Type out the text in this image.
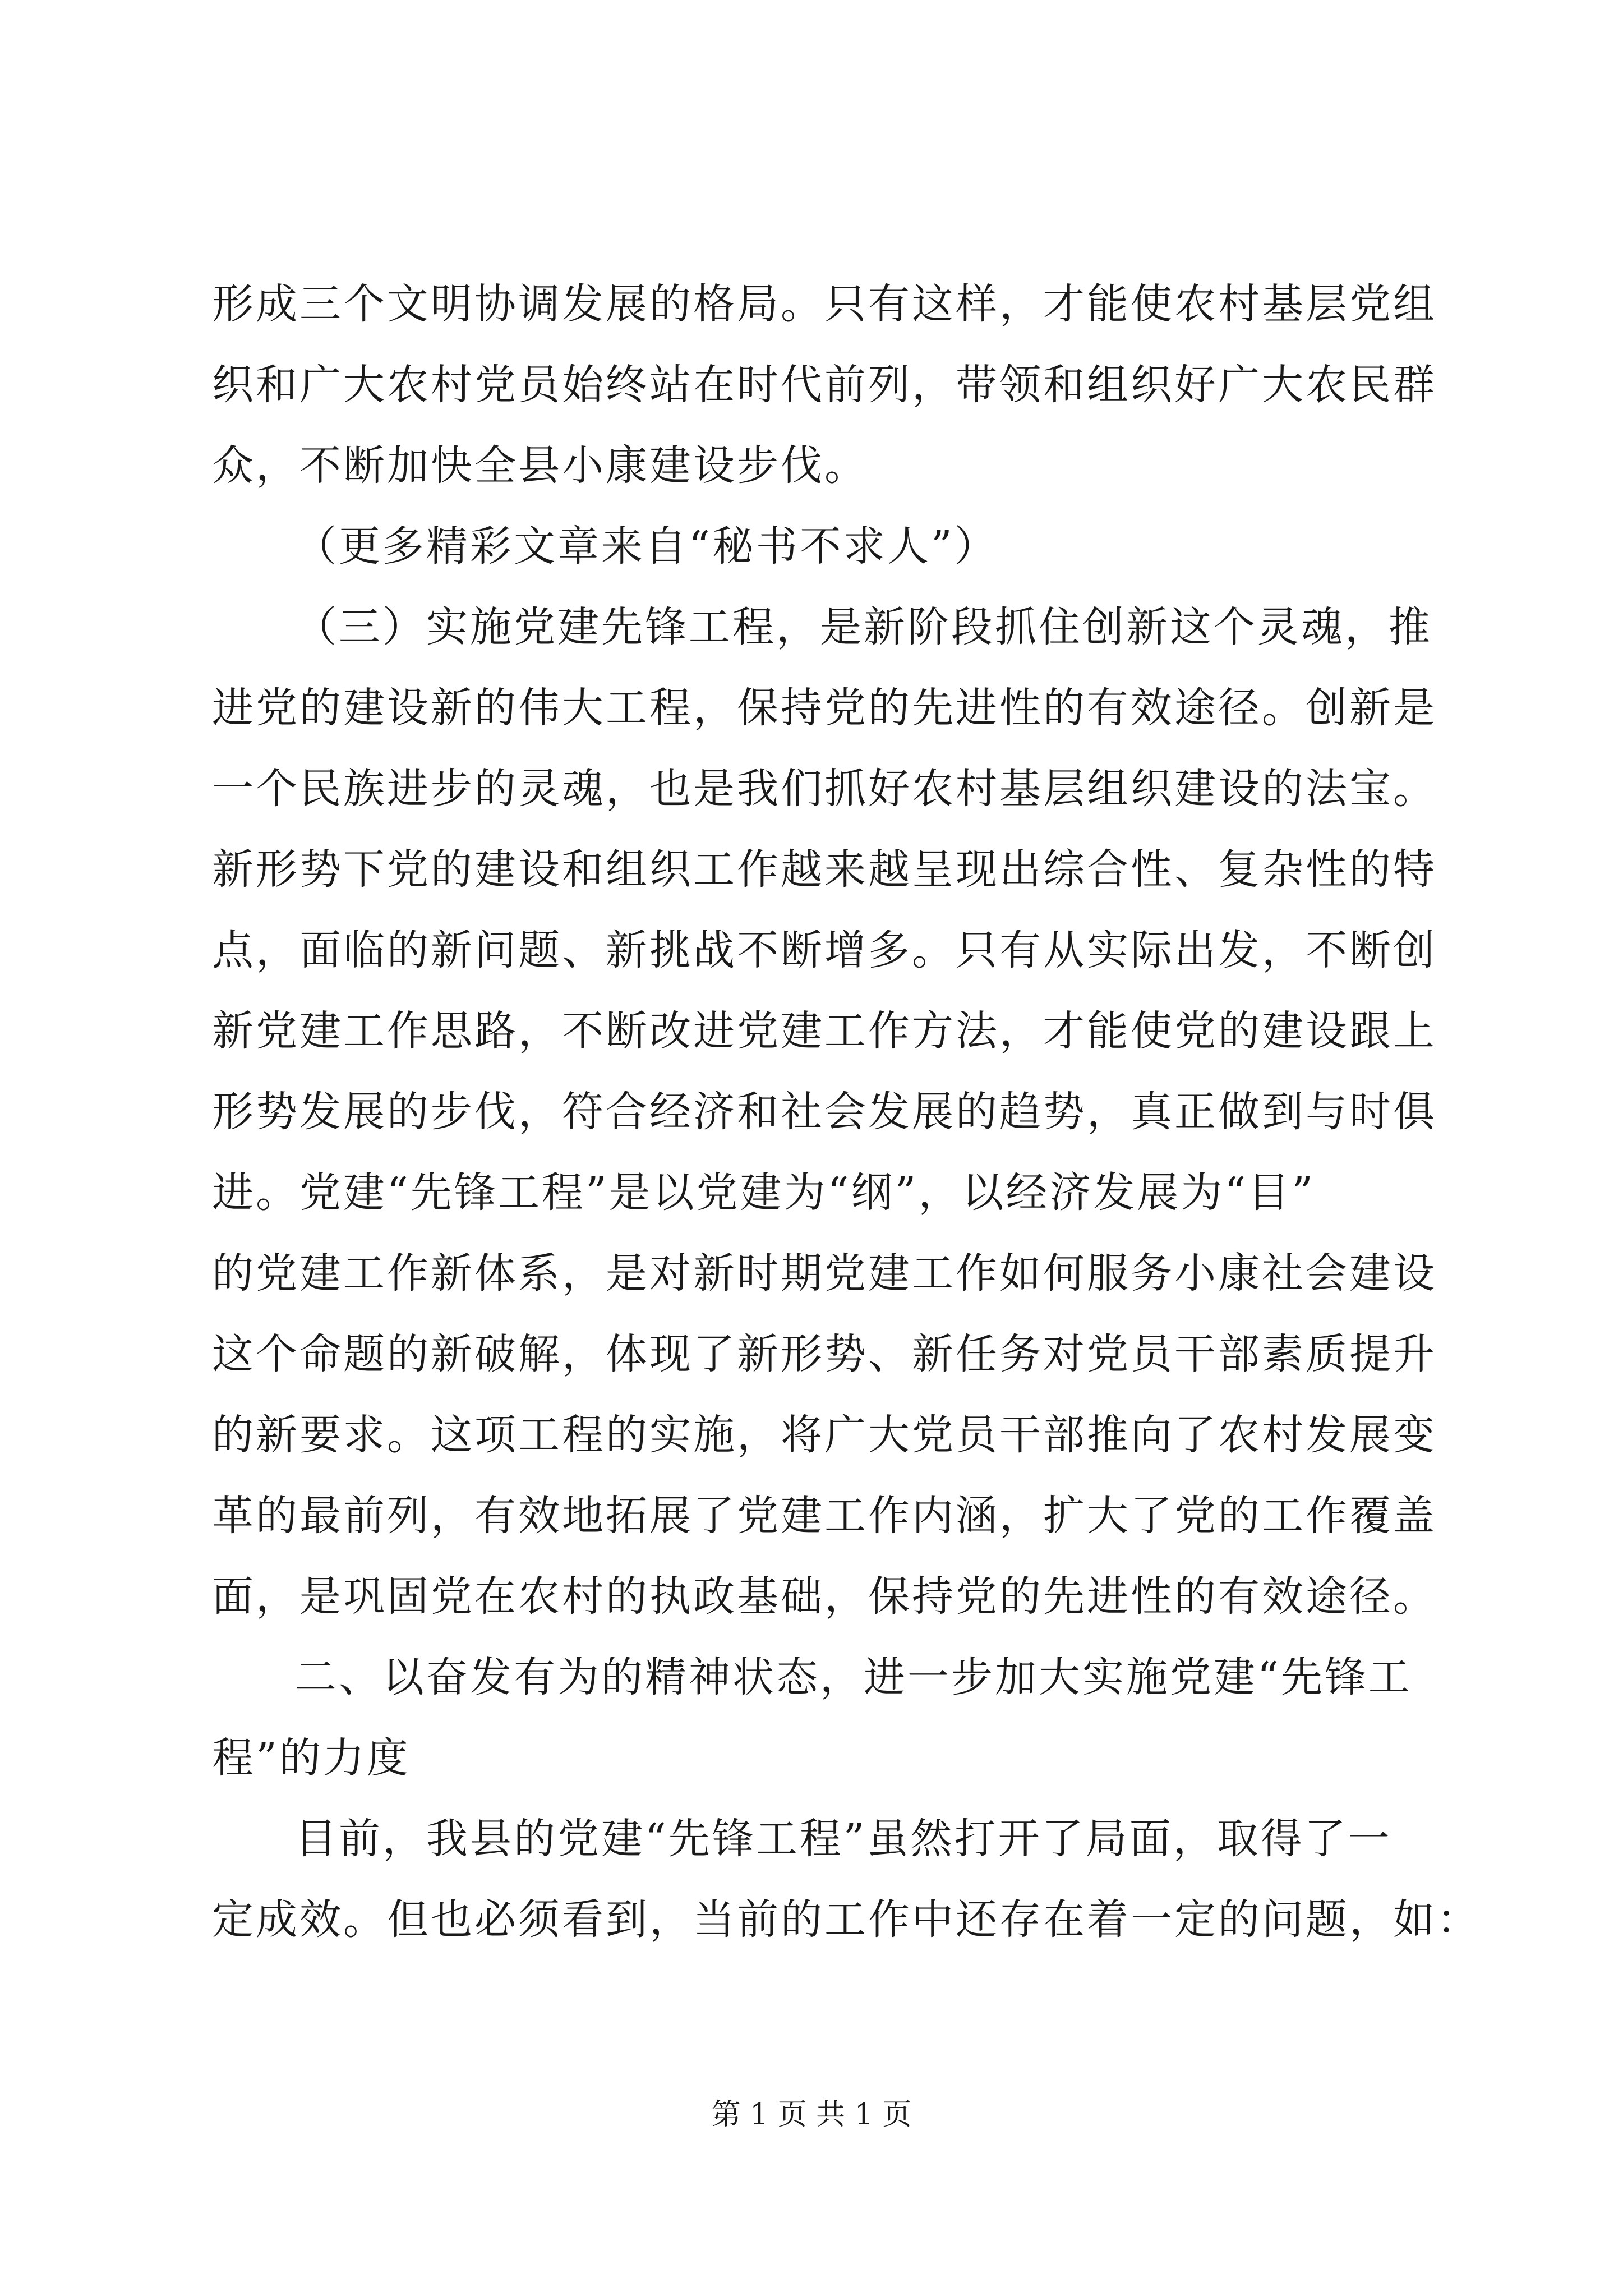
形成三个文明协调发展的格局。只有这样，才能使农村基层党组
织和广大农村党员始终站在时代前列，带领和组织好广大农民群
众，不断加快全县小康建设步伐。
（更多精彩文章来自“秘书不求人”）
（三）实施党建先锋工程，是新阶段抓住创新这个灵魂，推
进党的建设新的伟大工程，保持党的先进性的有效途径。创新是
一个民族进步的灵魂，也是我们抓好农村基层组织建设的法宝。
新形势下党的建设和组织工作越来越呈现出综合性、复杂性的特
点，面临的新问题、新挑战不断增多。只有从实际出发，不断创
新党建工作思路，不断改进党建工作方法，才能使党的建设跟上
形势发展的步伐，符合经济和社会发展的趋势，真正做到与时俱
进。党建“先锋工程”是以党建为“纲”，以经济发展为“目”
的党建工作新体系，是对新时期党建工作如何服务小康社会建设
这个命题的新破解，体现了新形势、新任务对党员干部素质提升
的新要求。这项工程的实施，将广大党员干部推向了农村发展变
革的最前列，有效地拓展了党建工作内涵，扩大了党的工作覆盖
面，是巩固党在农村的执政基础，保持党的先进性的有效途径。
二、以奋发有为的精神状态，进一步加大实施党建“先锋工
程”的力度
目前，我县的党建“先锋工程”虽然打开了局面，取得了一
定成效。但也必须看到，当前的工作中还存在着一定的问题，如：
第 1 页 共 1 页
